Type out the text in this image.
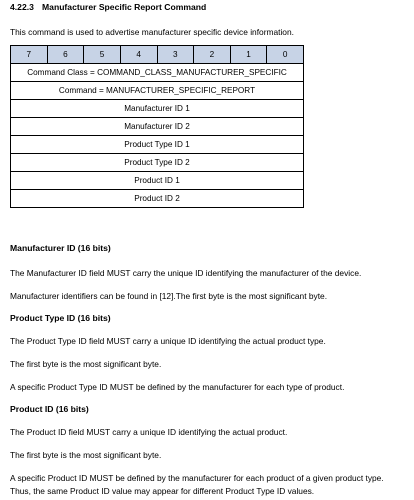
4.22.3 Manufacturer Specific Report Command
This command is used to advertise manufacturer specific device information.
7	6	5	4	3	2	1	0
Command Class = COMMAND_CLASS_MANUFACTURER_SPECIFIC
Command = MANUFACTURER_SPECIFIC_REPORT
Manufacturer ID 1
Manufacturer ID 2
Product Type ID 1
Product Type ID 2
Product ID 1
Product ID 2
Manufacturer ID (16 bits)
The Manufacturer ID field MUST carry the unique ID identifying the manufacturer of the device.
Manufacturer identifiers can be found in [12].The first byte is the most significant byte.
Product Type ID (16 bits)
The Product Type ID field MUST carry a unique ID identifying the actual product type.
The first byte is the most significant byte.
A specific Product Type ID MUST be defined by the manufacturer for each type of product.
Product ID (16 bits)
The Product ID field MUST carry a unique ID identifying the actual product.
The first byte is the most significant byte.
A specific Product ID MUST be defined by the manufacturer for each product of a given product type.
Thus, the same Product ID value may appear for different Product Type ID values.
